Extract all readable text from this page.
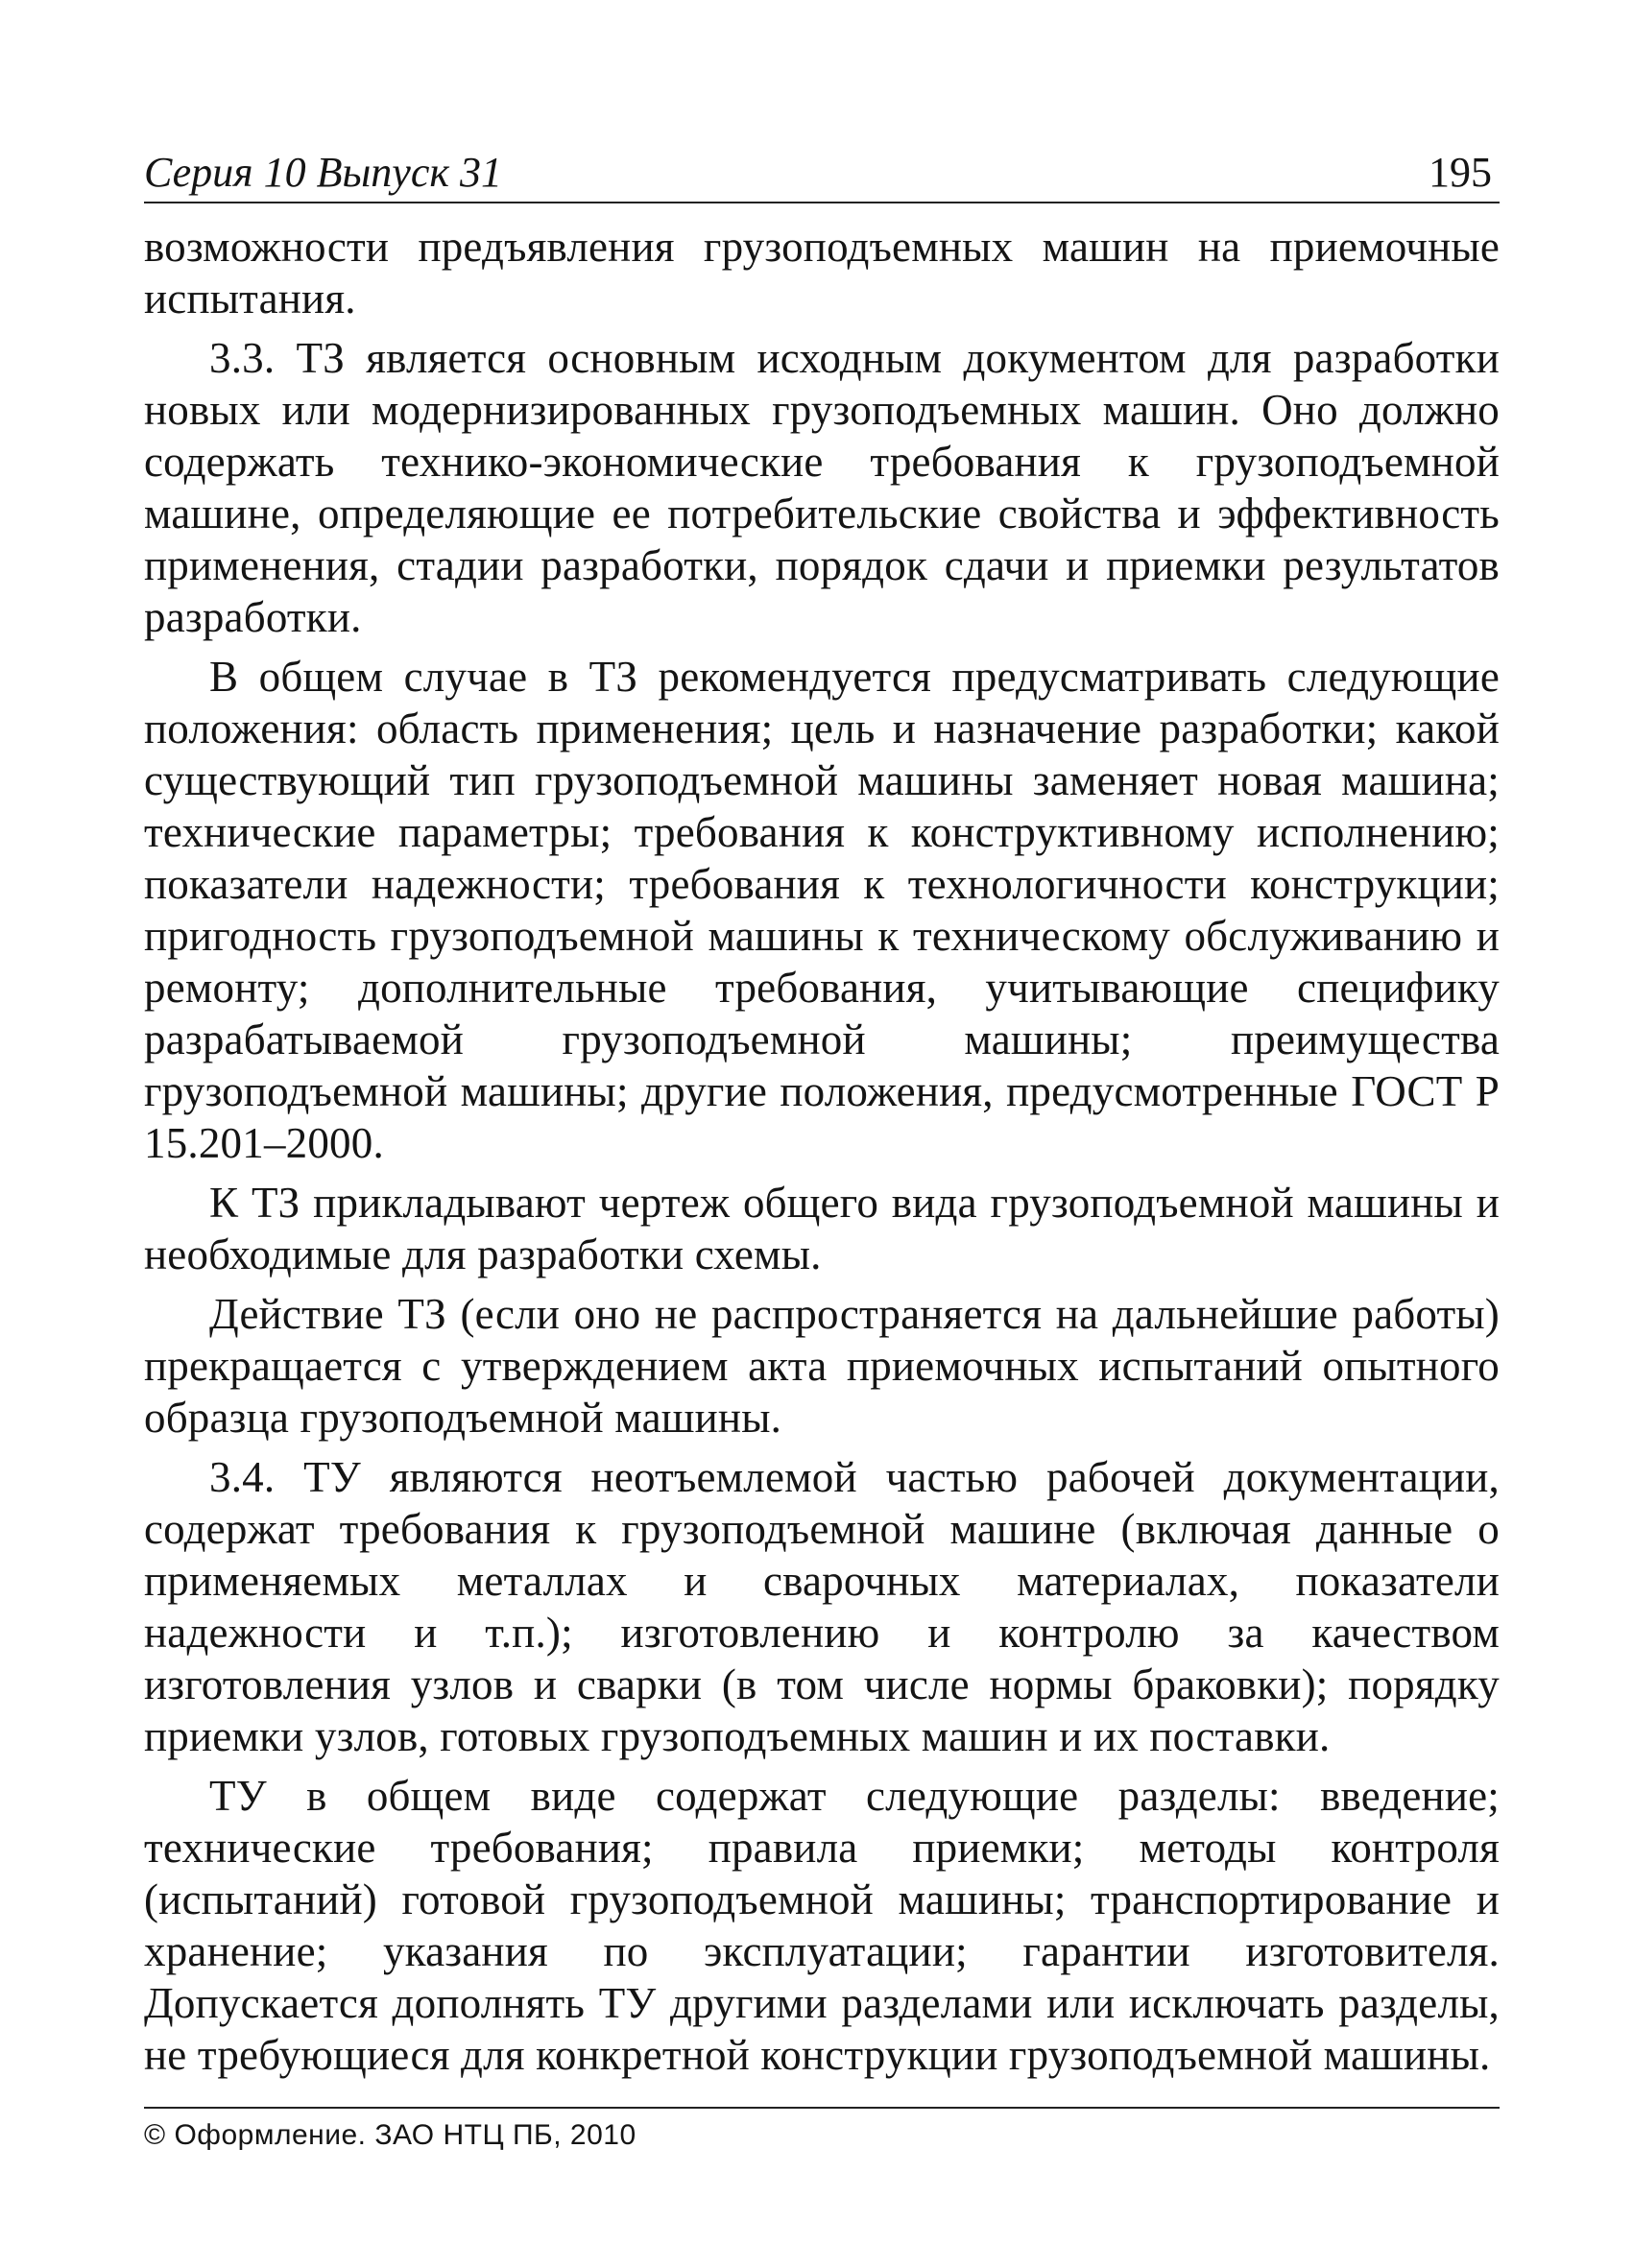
Серия 10 Выпуск 31	195

возможности предъявления грузоподъемных машин на приемочные испытания.

3.3. ТЗ является основным исходным документом для разработки новых или модернизированных грузоподъемных машин. Оно должно содержать технико-экономические требования к грузоподъемной машине, определяющие ее потребительские свойства и эффективность применения, стадии разработки, порядок сдачи и приемки результатов разработки.

В общем случае в ТЗ рекомендуется предусматривать следующие положения: область применения; цель и назначение разработки; какой существующий тип грузоподъемной машины заменяет новая машина; технические параметры; требования к конструктивному исполнению; показатели надежности; требования к технологичности конструкции; пригодность грузоподъемной машины к техническому обслуживанию и ремонту; дополнительные требования, учитывающие специфику разрабатываемой грузоподъемной машины; преимущества грузоподъемной машины; другие положения, предусмотренные ГОСТ Р 15.201–2000.

К ТЗ прикладывают чертеж общего вида грузоподъемной машины и необходимые для разработки схемы.

Действие ТЗ (если оно не распространяется на дальнейшие работы) прекращается с утверждением акта приемочных испытаний опытного образца грузоподъемной машины.

3.4. ТУ являются неотъемлемой частью рабочей документации, содержат требования к грузоподъемной машине (включая данные о применяемых металлах и сварочных материалах, показатели надежности и т.п.); изготовлению и контролю за качеством изготовления узлов и сварки (в том числе нормы браковки); порядку приемки узлов, готовых грузоподъемных машин и их поставки.

ТУ в общем виде содержат следующие разделы: введение; технические требования; правила приемки; методы контроля (испытаний) готовой грузоподъемной машины; транспортирование и хранение; указания по эксплуатации; гарантии изготовителя. Допускается дополнять ТУ другими разделами или исключать разделы, не требующиеся для конкретной конструкции грузоподъемной машины.

© Оформление. ЗАО НТЦ ПБ, 2010
